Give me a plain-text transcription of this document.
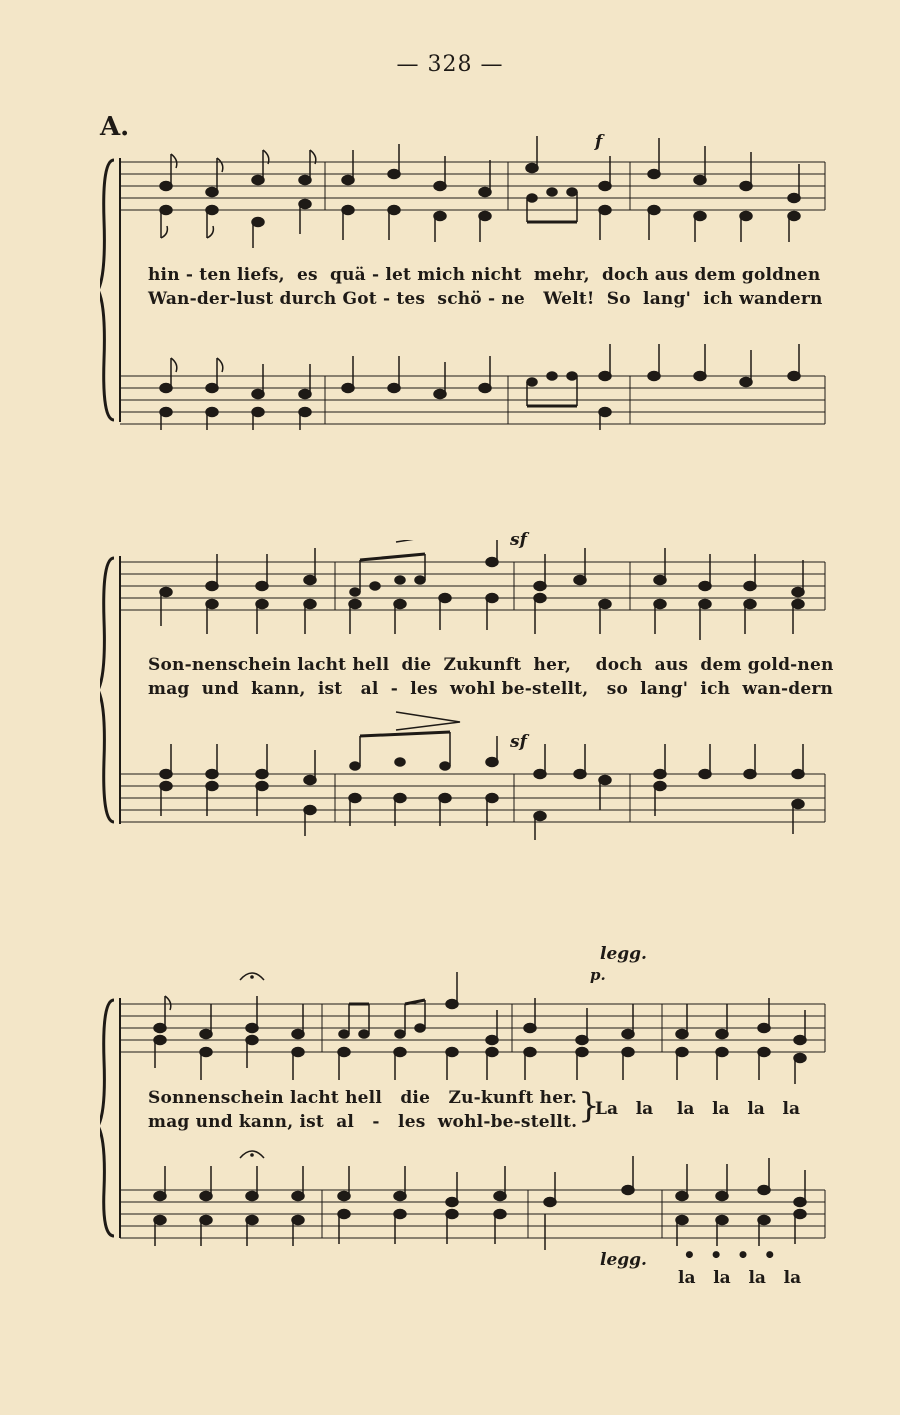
— 328 —
A.	f
hin - ten liefs,  es  quä - let mich nicht  mehr,  doch aus dem goldnen
Wan-der-lust durch Got - tes  schö - ne   Welt!  So  lang'  ich wandern
sf
sf
Son-nenschein lacht hell  die  Zukunft  her,    doch  aus  dem gold-nen
mag  und  kann,  ist   al  -  les  wohl be-stellt,   so  lang'  ich  wan-dern
legg.
p.
Sonnenschein lacht hell   die   Zu-kunft her.
mag und kann, ist  al   -   les  wohl-be-stellt. }
La   la    la   la   la   la
legg. ••••
la   la   la   la
